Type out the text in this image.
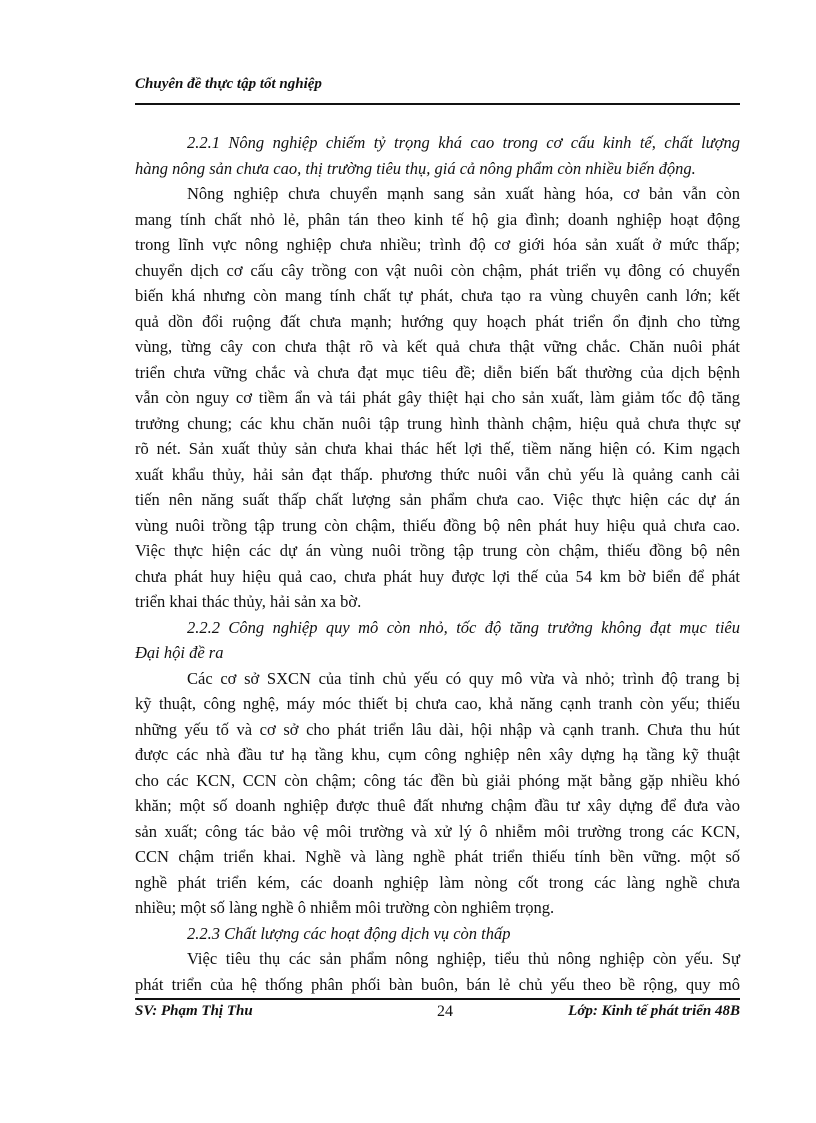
Chuyên đề thực tập tốt nghiệp
2.2.1 Nông nghiệp chiếm tỷ trọng khá cao trong cơ cấu kinh tế, chất lượng
hàng nông sản chưa cao, thị trường tiêu thụ, giá cả nông phẩm còn nhiều biến động.
Nông nghiệp chưa chuyển mạnh sang sản xuất hàng hóa, cơ bản vẫn còn
mang tính chất nhỏ lẻ, phân tán theo kinh tế hộ gia đình; doanh nghiệp hoạt động
trong lĩnh vực nông nghiệp chưa nhiều; trình độ cơ giới hóa sản xuất ở mức thấp;
chuyển dịch cơ cấu cây trồng con vật nuôi còn chậm, phát triển vụ đông có chuyển
biến khá nhưng còn mang tính chất tự phát, chưa tạo ra vùng chuyên canh lớn; kết
quả dồn đổi ruộng đất chưa mạnh; hướng quy hoạch phát triển ổn định cho từng
vùng, từng cây con chưa thật rõ và kết quả chưa thật vững chắc. Chăn nuôi phát
triển chưa vững chắc và chưa đạt mục tiêu đề; diễn biến bất thường của dịch bệnh
vẫn còn nguy cơ tiềm ẩn và tái phát gây thiệt hại cho sản xuất, làm giảm tốc độ tăng
trưởng chung; các khu chăn nuôi tập trung hình thành chậm, hiệu quả chưa thực sự
rõ nét. Sản xuất thủy sản chưa khai thác hết lợi thế, tiềm năng hiện có. Kim ngạch
xuất khẩu thủy, hải sản đạt thấp. phương thức nuôi vẫn chủ yếu là quảng canh cải
tiến nên năng suất thấp chất lượng sản phẩm chưa cao. Việc thực hiện các dự án
vùng nuôi trồng tập trung còn chậm, thiếu đồng bộ nên phát huy hiệu quả chưa cao.
Việc thực hiện các dự án vùng nuôi trồng tập trung còn chậm, thiếu đồng bộ nên
chưa phát huy hiệu quả cao, chưa phát huy được lợi thế của 54 km bờ biển để phát
triển khai thác thủy, hải sản xa bờ.
2.2.2 Công nghiệp quy mô còn nhỏ, tốc độ tăng trưởng không đạt mục tiêu
Đại hội đề ra
Các cơ sở SXCN của tỉnh chủ yếu có quy mô vừa và nhỏ; trình độ trang bị
kỹ thuật, công nghệ, máy móc thiết bị chưa cao, khả năng cạnh tranh còn yếu; thiếu
những yếu tố và cơ sở cho phát triển lâu dài, hội nhập và cạnh tranh. Chưa thu hút
được các nhà đầu tư hạ tầng khu, cụm công nghiệp nên xây dựng hạ tầng kỹ thuật
cho các KCN, CCN còn chậm; công tác đền bù giải phóng mặt bằng gặp nhiều khó
khăn; một số doanh nghiệp được thuê đất nhưng chậm đầu tư xây dựng để đưa vào
sản xuất; công tác bảo vệ môi trường và xử lý ô nhiễm môi trường trong các KCN,
CCN chậm triển khai. Nghề và làng nghề phát triển thiếu tính bền vững. một số
nghề phát triển kém, các doanh nghiệp làm nòng cốt trong các làng nghề chưa
nhiều; một số làng nghề ô nhiễm môi trường còn nghiêm trọng.
2.2.3 Chất lượng các hoạt động dịch vụ còn thấp
Việc tiêu thụ các sản phẩm nông nghiệp, tiểu thủ nông nghiệp còn yếu. Sự
phát triển của hệ thống phân phối bàn buôn, bán lẻ chủ yếu theo bề rộng, quy mô
SV: Phạm Thị Thu	24	Lớp: Kinh tế phát triển 48B
